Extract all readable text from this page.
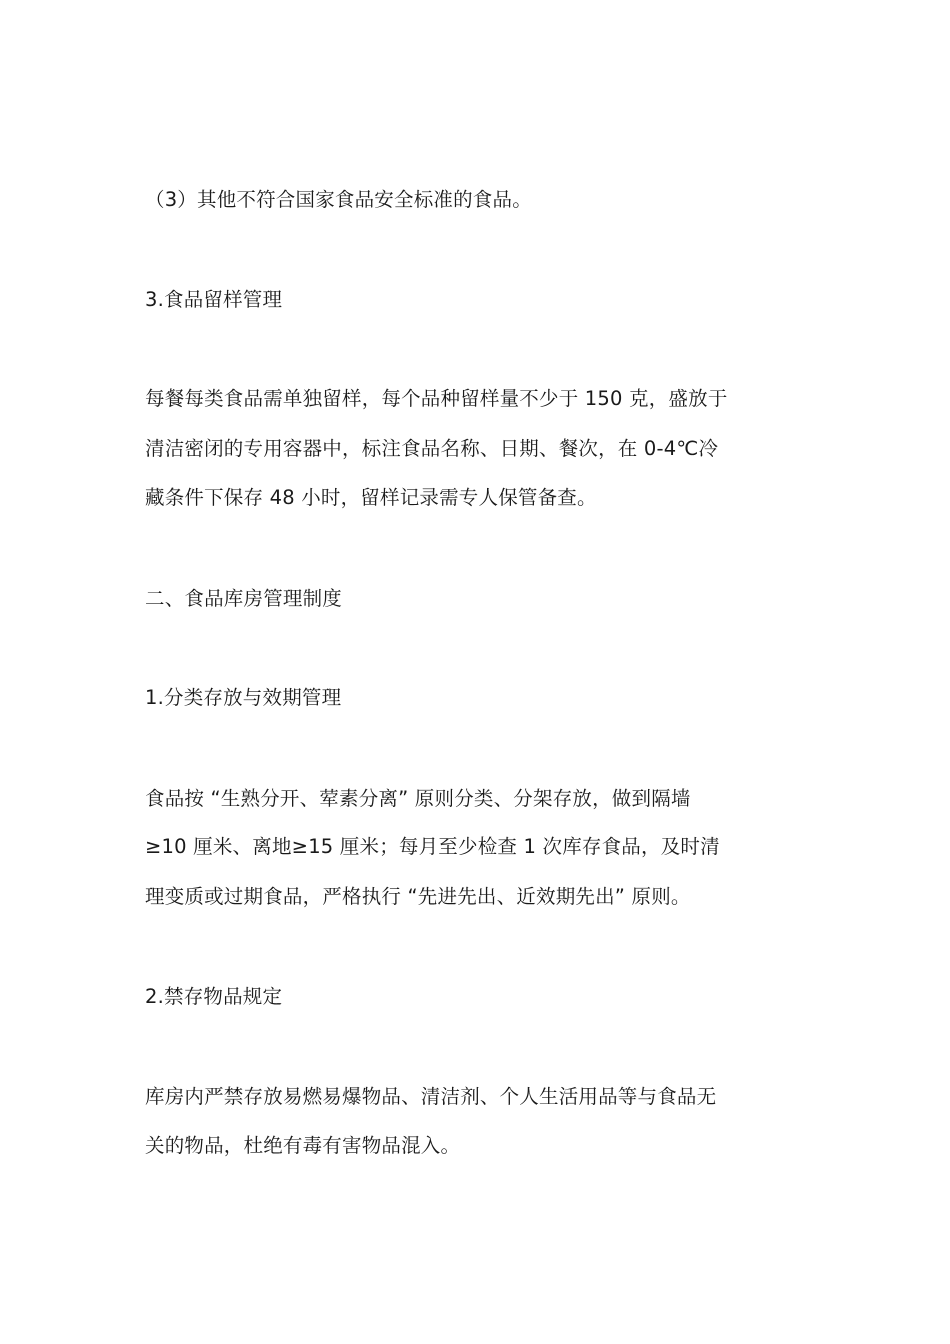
（3）其他不符合国家食品安全标准的食品。
3.食品留样管理
每餐每类食品需单独留样，每个品种留样量不少于 150 克，盛放于
清洁密闭的专用容器中，标注食品名称、日期、餐次，在 0-4℃冷
藏条件下保存 48 小时，留样记录需专人保管备查。
二、食品库房管理制度
1.分类存放与效期管理
食品按 “生熟分开、荤素分离” 原则分类、分架存放，做到隔墙
≥10 厘米、离地≥15 厘米；每月至少检查 1 次库存食品，及时清
理变质或过期食品，严格执行 “先进先出、近效期先出” 原则。
2.禁存物品规定
库房内严禁存放易燃易爆物品、清洁剂、个人生活用品等与食品无
关的物品，杜绝有毒有害物品混入。
